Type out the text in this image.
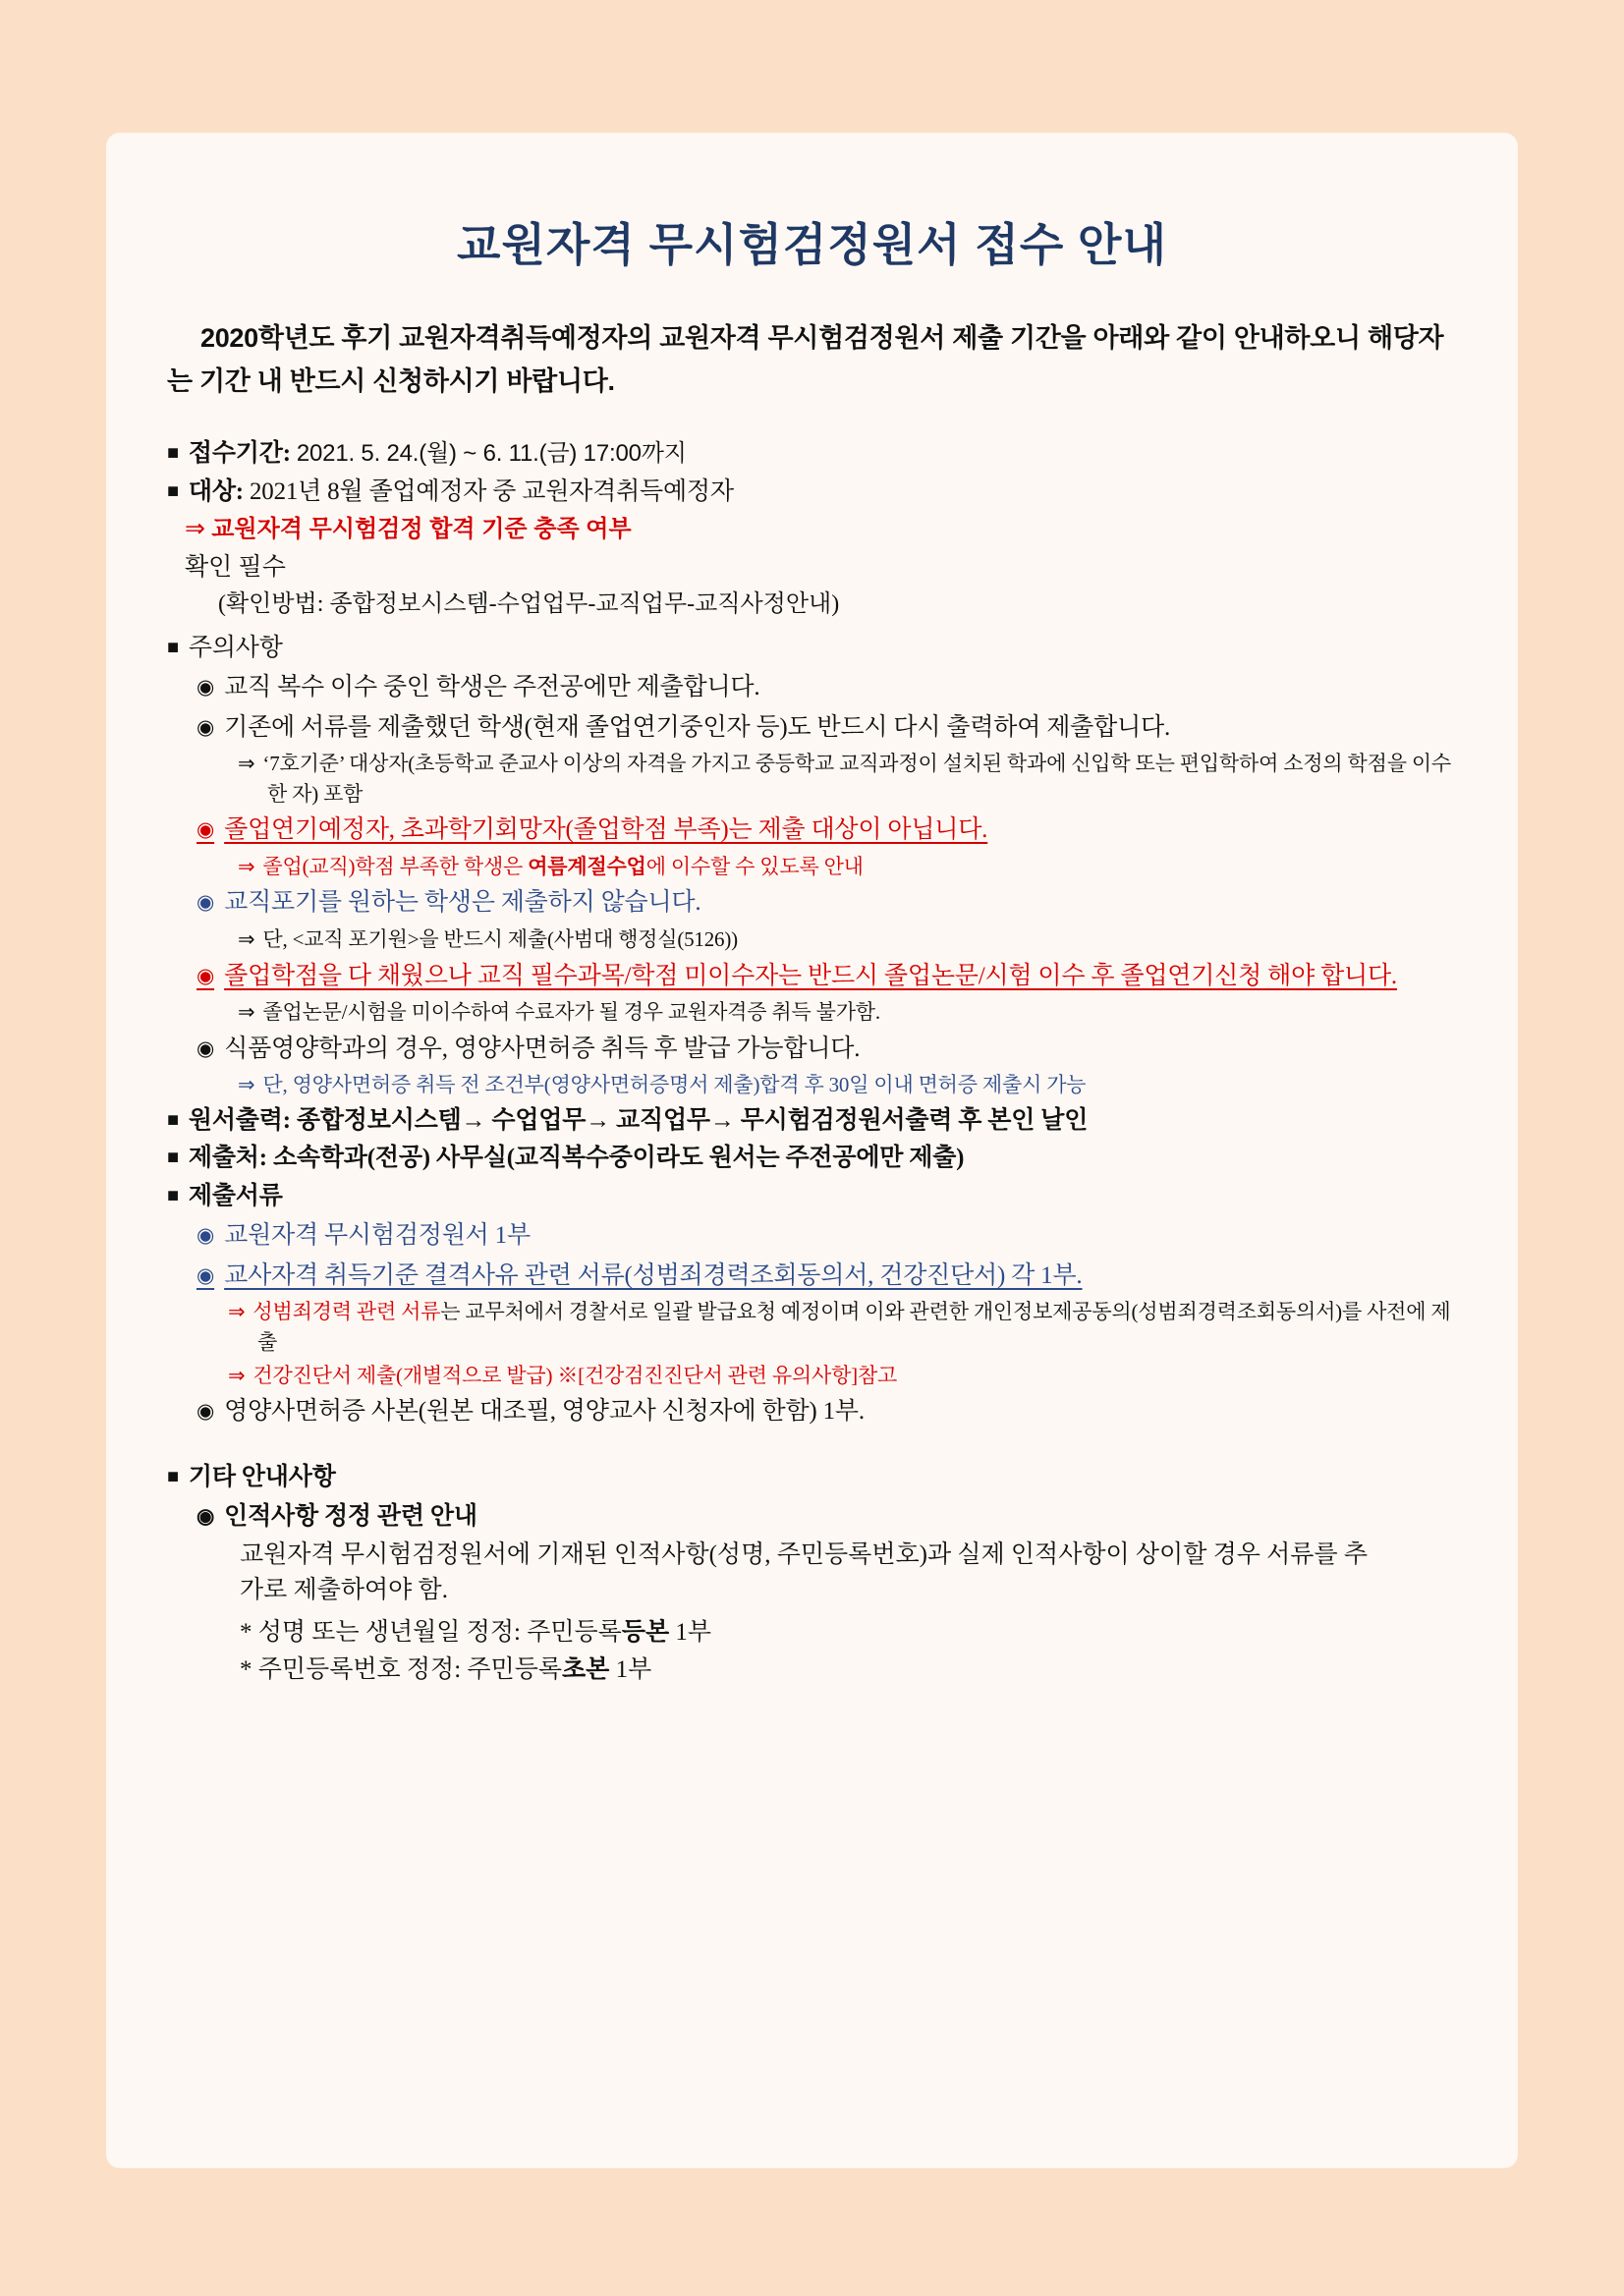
교원자격 무시험검정원서 접수 안내
2020학년도 후기 교원자격취득예정자의 교원자격 무시험검정원서 제출 기간을 아래와 같이 안내하오니 해당자는 기간 내 반드시 신청하시기 바랍니다.
■ 접수기간: 2021. 5. 24.(월) ~ 6. 11.(금) 17:00까지
■ 대상: 2021년 8월 졸업예정자 중 교원자격취득예정자
⇒ 교원자격 무시험검정 합격 기준 충족 여부
확인 필수
(확인방법: 종합정보시스템-수업업무-교직업무-교직사정안내)
■ 주의사항
◉ 교직 복수 이수 중인 학생은 주전공에만 제출합니다.
◉ 기존에 서류를 제출했던 학생(현재 졸업연기중인자 등)도 반드시 다시 출력하여 제출합니다.
⇒ ‘7호기준’ 대상자(초등학교 준교사 이상의 자격을 가지고 중등학교 교직과정이 설치된 학과에 신입학 또는 편입학하여 소정의 학점을 이수한 자) 포함
◉ 졸업연기예정자, 초과학기회망자(졸업학점 부족)는 제출 대상이 아닙니다.
⇒ 졸업(교직)학점 부족한 학생은 여름계절수업에 이수할 수 있도록 안내
◉ 교직포기를 원하는 학생은 제출하지 않습니다.
⇒ 단, <교직 포기원>을 반드시 제출(사범대 행정실(5126))
◉ 졸업학점을 다 채웠으나 교직 필수과목/학점 미이수자는 반드시 졸업논문/시험 이수 후 졸업연기신청 해야 합니다.
⇒ 졸업논문/시험을 미이수하여 수료자가 될 경우 교원자격증 취득 불가함.
◉ 식품영양학과의 경우, 영양사면허증 취득 후 발급 가능합니다.
⇒ 단, 영양사면허증 취득 전 조건부(영양사면허증명서 제출)합격 후 30일 이내 면허증 제출시 가능
■ 원서출력: 종합정보시스템→ 수업업무→ 교직업무→ 무시험검정원서출력 후 본인 날인
■ 제출처: 소속학과(전공) 사무실(교직복수중이라도 원서는 주전공에만 제출)
■ 제출서류
◉ 교원자격 무시험검정원서 1부
◉ 교사자격 취득기준 결격사유 관련 서류(성범죄경력조회동의서, 건강진단서) 각 1부.
⇒ 성범죄경력 관련 서류는 교무처에서 경찰서로 일괄 발급요청 예정이며 이와 관련한 개인정보제공동의(성범죄경력조회동의서)를 사전에 제출
⇒ 건강진단서 제출(개별적으로 발급) ※[건강검진진단서 관련 유의사항]참고
◉ 영양사면허증 사본(원본 대조필, 영양교사 신청자에 한함) 1부.
■ 기타 안내사항
◉ 인적사항 정정 관련 안내
교원자격 무시험검정원서에 기재된 인적사항(성명, 주민등록번호)과 실제 인적사항이 상이할 경우 서류를 추가로 제출하여야 함.
* 성명 또는 생년월일 정정: 주민등록등본 1부
* 주민등록번호 정정: 주민등록초본 1부
